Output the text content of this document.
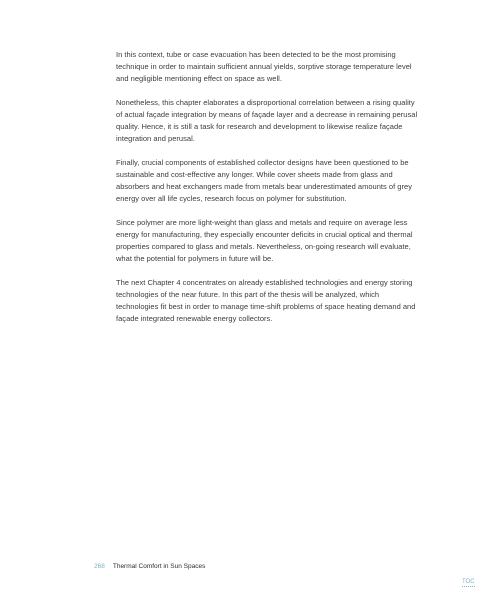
In this context, tube or case evacuation has been detected to be the most promising technique in order to maintain sufficient annual yields, sorptive storage temperature level and negligible mentioning effect on space as well.

Nonetheless, this chapter elaborates a disproportional correlation between a rising quality of actual façade integration by means of façade layer and a decrease in remaining perusal quality. Hence, it is still a task for research and development to likewise realize façade integration and perusal.

Finally, crucial components of established collector designs have been questioned to be sustainable and cost-effective any longer. While cover sheets made from glass and absorbers and heat exchangers made from metals bear underestimated amounts of grey energy over all life cycles, research focus on polymer for substitution.

Since polymer are more light-weight than glass and metals and require on average less energy for manufacturing, they especially encounter deficits in crucial optical and thermal properties compared to glass and metals. Nevertheless, on-going research will evaluate, what the potential for polymers in future will be.

The next Chapter 4 concentrates on already established technologies and energy storing technologies of the near future. In this part of the thesis will be analyzed, which technologies fit best in order to manage time-shift problems of space heating demand and façade integrated renewable energy collectors.

268 Thermal Comfort in Sun Spaces
TOC
